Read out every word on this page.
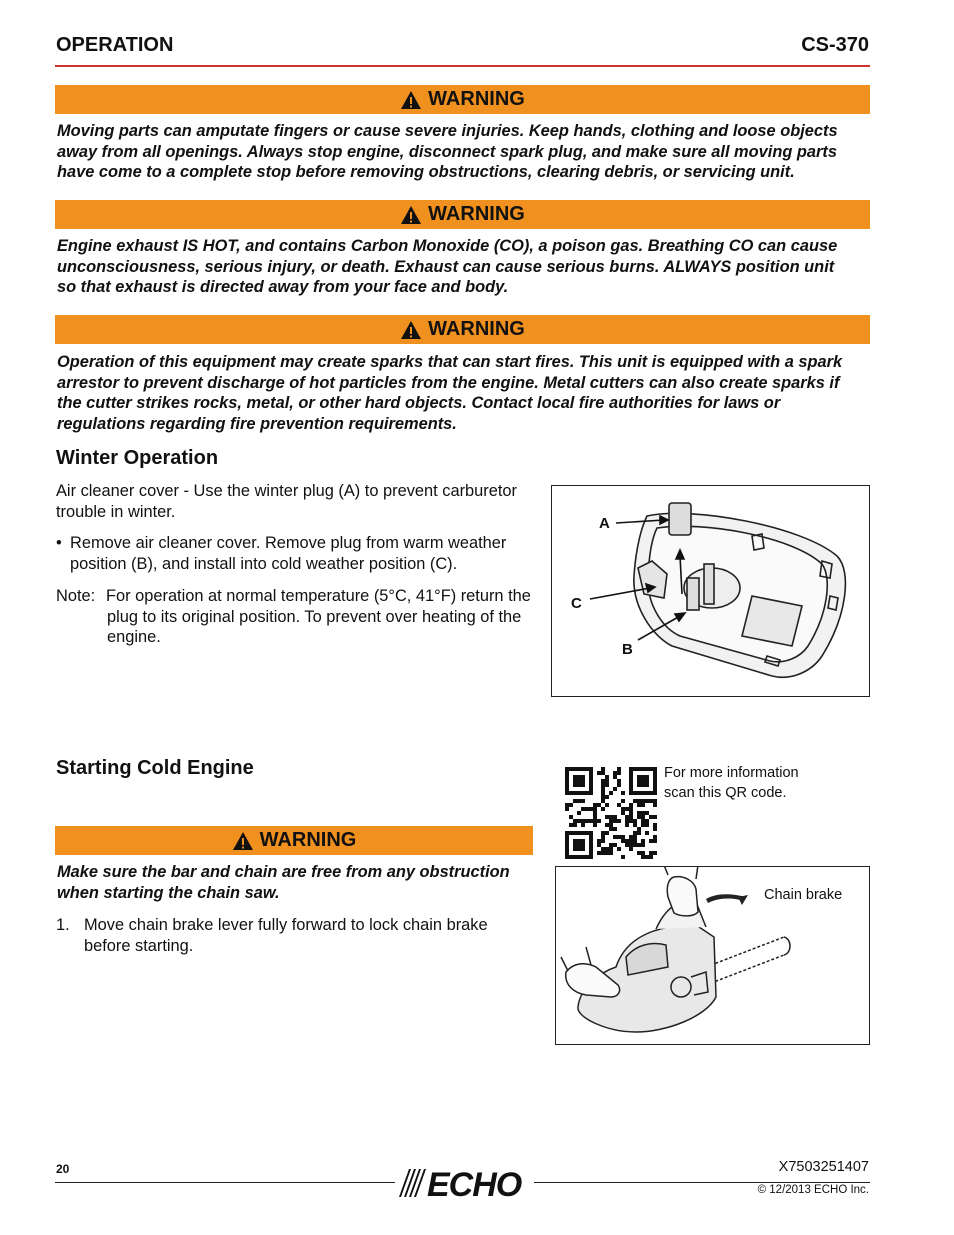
OPERATION	CS-370
WARNING
Moving parts can amputate fingers or cause severe injuries. Keep hands, clothing and loose objects
away from all openings. Always stop engine, disconnect spark plug, and make sure all moving parts
have come to a complete stop before removing obstructions, clearing debris, or servicing unit.
WARNING
Engine exhaust IS HOT, and contains Carbon Monoxide (CO), a poison gas. Breathing CO can cause
unconsciousness, serious injury, or death. Exhaust can cause serious burns. ALWAYS position unit
so that exhaust is directed away from your face and body.
WARNING
Operation of this equipment may create sparks that can start fires. This unit is equipped with a spark
arrestor to prevent discharge of hot particles from the engine. Metal cutters can also create sparks if
the cutter strikes rocks, metal, or other hard objects. Contact local fire authorities for laws or
regulations regarding fire prevention requirements.
Winter Operation
Air cleaner cover - Use the winter plug (A) to prevent carburetor
trouble in winter.
• Remove air cleaner cover. Remove plug from warm weather
position (B), and install into cold weather position (C).
Note: For operation at normal temperature (5°C, 41°F) return the
plug to its original position. To prevent over heating of the
engine.
A
C
B
Starting Cold Engine	For more information
scan this QR code.
WARNING
Make sure the bar and chain are free from any obstruction
when starting the chain saw.
1. Move chain brake lever fully forward to lock chain brake
before starting.
Chain brake
20	X7503251407
ECHO	© 12/2013 ECHO Inc.
